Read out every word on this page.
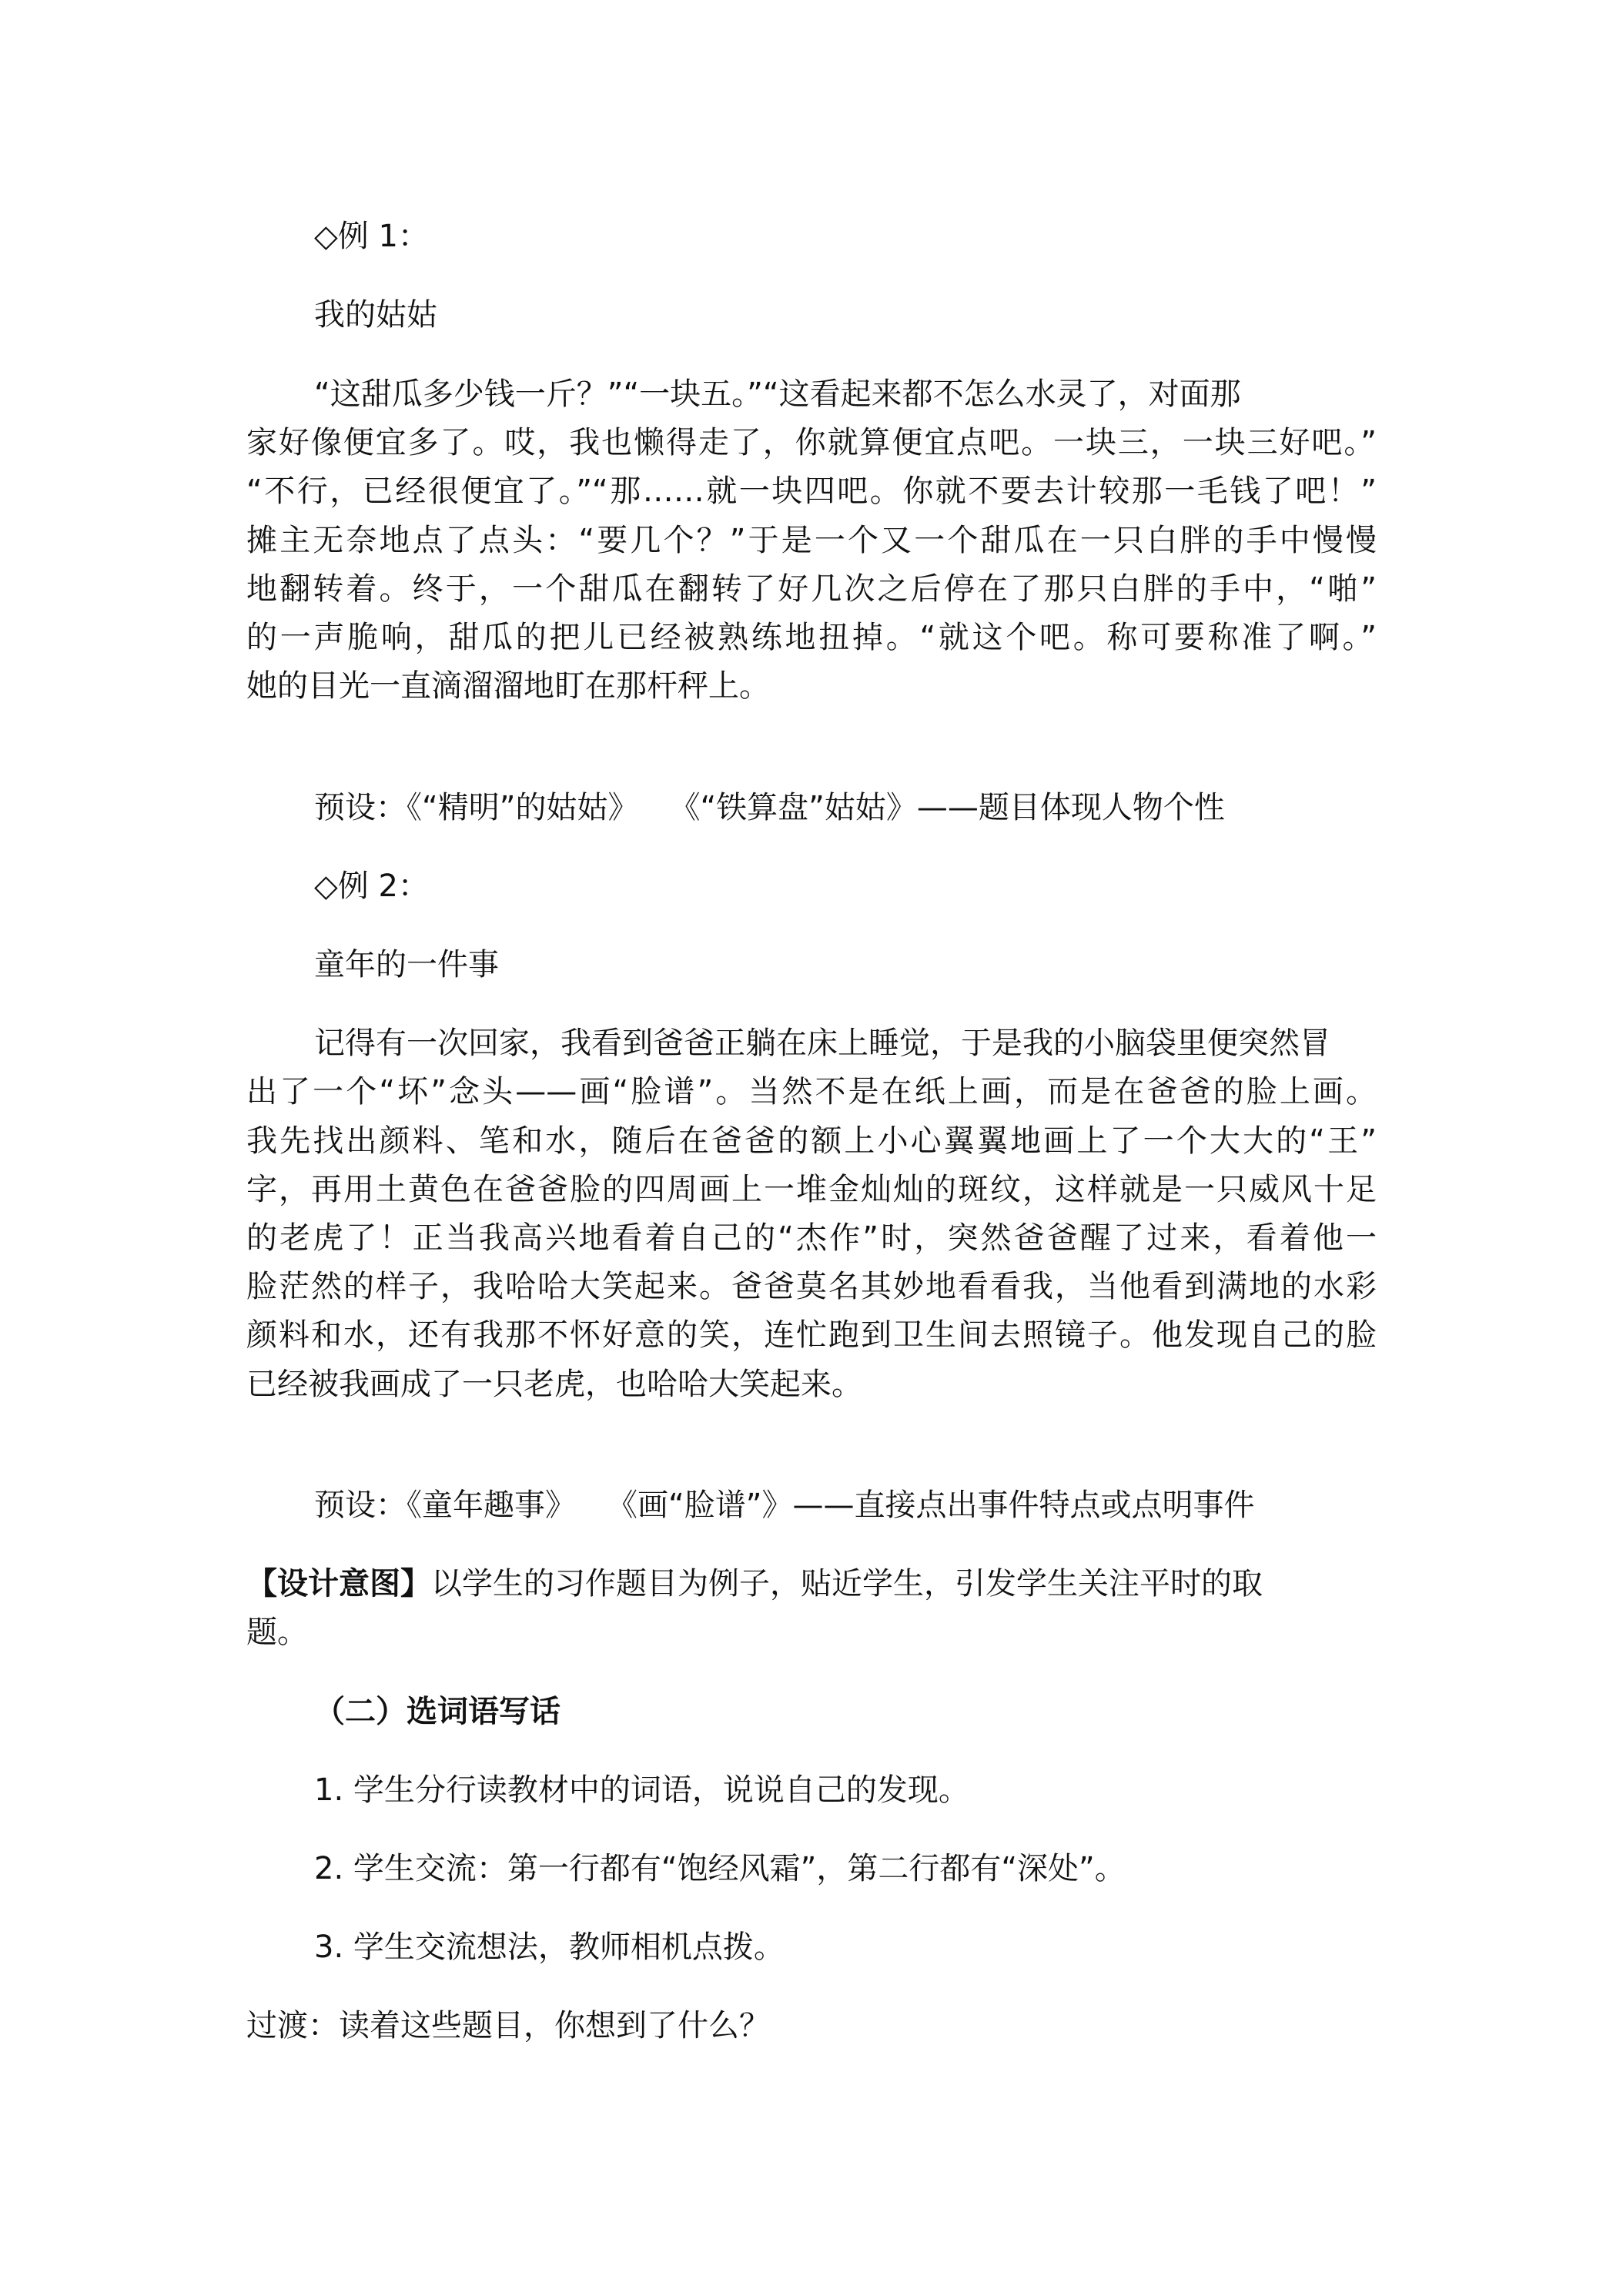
◇例 1：
我的姑姑
“这甜瓜多少钱一斤？”“一块五。”“这看起来都不怎么水灵了，对面那
家好像便宜多了。哎，我也懒得走了，你就算便宜点吧。一块三，一块三好吧。”
“不行，已经很便宜了。”“那……就一块四吧。你就不要去计较那一毛钱了吧！”
摊主无奈地点了点头：“要几个？”于是一个又一个甜瓜在一只白胖的手中慢慢
地翻转着。终于，一个甜瓜在翻转了好几次之后停在了那只白胖的手中，“啪”
的一声脆响，甜瓜的把儿已经被熟练地扭掉。“就这个吧。称可要称准了啊。”
她的目光一直滴溜溜地盯在那杆秤上。
预设：《“精明”的姑姑》　　《“铁算盘”姑姑》——题目体现人物个性
◇例 2：
童年的一件事
记得有一次回家，我看到爸爸正躺在床上睡觉，于是我的小脑袋里便突然冒
出了一个“坏”念头——画“脸谱”。当然不是在纸上画，而是在爸爸的脸上画。
我先找出颜料、笔和水，随后在爸爸的额上小心翼翼地画上了一个大大的“王”
字，再用土黄色在爸爸脸的四周画上一堆金灿灿的斑纹，这样就是一只威风十足
的老虎了！正当我高兴地看着自己的“杰作”时，突然爸爸醒了过来，看着他一
脸茫然的样子，我哈哈大笑起来。爸爸莫名其妙地看看我，当他看到满地的水彩
颜料和水，还有我那不怀好意的笑，连忙跑到卫生间去照镜子。他发现自己的脸
已经被我画成了一只老虎，也哈哈大笑起来。
预设：《童年趣事》　　《画“脸谱”》——直接点出事件特点或点明事件
【设计意图】以学生的习作题目为例子，贴近学生，引发学生关注平时的取
题。
（二）选词语写话
1. 学生分行读教材中的词语，说说自己的发现。
2. 学生交流：第一行都有“饱经风霜”，第二行都有“深处”。
3. 学生交流想法，教师相机点拨。
过渡：读着这些题目，你想到了什么？
